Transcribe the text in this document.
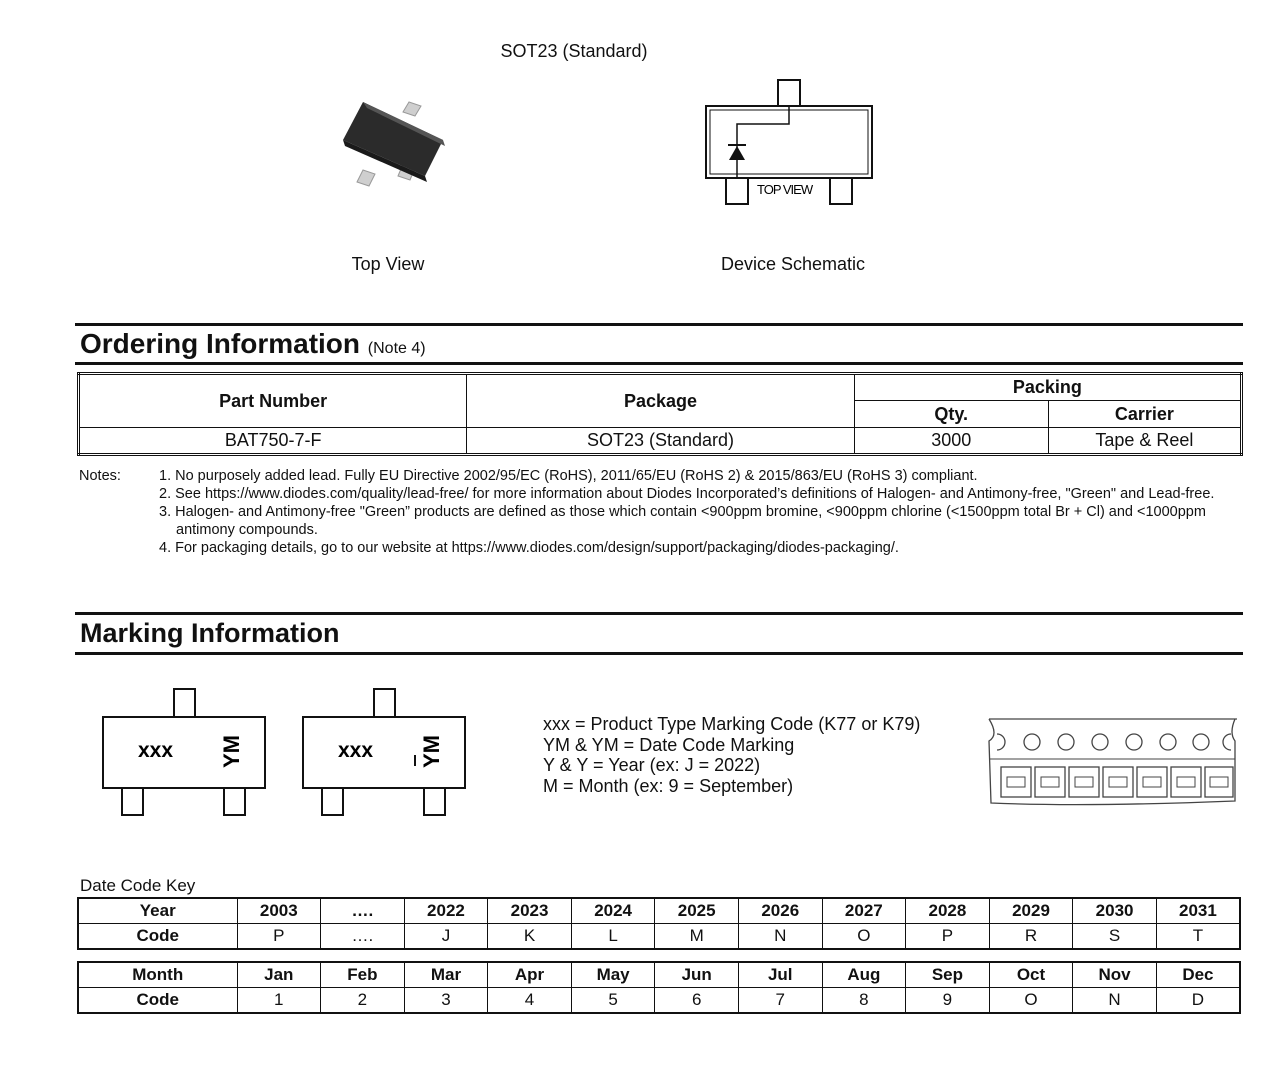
SOT23 (Standard)
TOP VIEW
Top View	Device Schematic
Ordering Information (Note 4)
Part Number	Package	Packing	
		Qty.	Carrier
BAT750-7-F	SOT23 (Standard)	3000	Tape & Reel
Notes:	1. No purposely added lead. Fully EU Directive 2002/95/EC (RoHS), 2011/65/EU (RoHS 2) & 2015/863/EU (RoHS 3) compliant.
2. See https://www.diodes.com/quality/lead-free/ for more information about Diodes Incorporated’s definitions of Halogen- and Antimony-free, "Green" and Lead-free.
3. Halogen- and Antimony-free "Green” products are defined as those which contain <900ppm bromine, <900ppm chlorine (<1500ppm total Br + Cl) and <1000ppm antimony compounds.
4. For packaging details, go to our website at https://www.diodes.com/design/support/packaging/diodes-packaging/.
Marking Information
xxx YM	xxx YM
xxx = Product Type Marking Code (K77 or K79)
YM & YM = Date Code Marking
Y & Y = Year (ex: J = 2022)
M = Month (ex: 9 = September)
Date Code Key
Year	2003	….	2022	2023	2024	2025	2026	2027	2028	2029	2030	2031
Code	P	….	J	K	L	M	N	O	P	R	S	T
Month	Jan	Feb	Mar	Apr	May	Jun	Jul	Aug	Sep	Oct	Nov	Dec
Code	1	2	3	4	5	6	7	8	9	O	N	D
